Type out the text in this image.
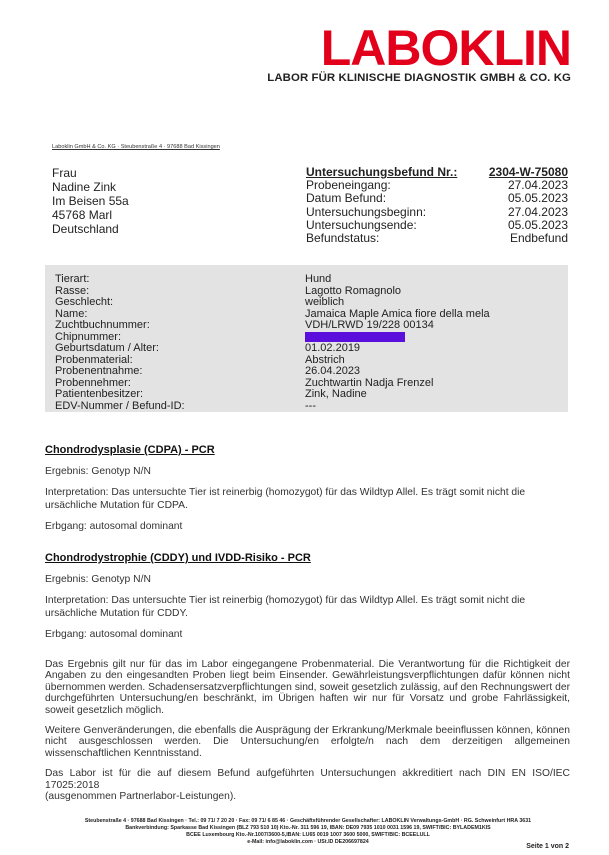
LABOKLIN
LABOR FÜR KLINISCHE DIAGNOSTIK GMBH & CO. KG
Laboklin GmbH & Co. KG · Steubenstraße 4 · 97688 Bad Kissingen
Frau
Nadine Zink
Im Beisen 55a
45768 Marl
Deutschland
Untersuchungsbefund Nr.:	2304-W-75080
Probeneingang:	27.04.2023
Datum Befund:	05.05.2023
Untersuchungsbeginn:	27.04.2023
Untersuchungsende:	05.05.2023
Befundstatus:	Endbefund
Tierart:	Hund
Rasse:	Lagotto Romagnolo
Geschlecht:	weiblich
Name:	Jamaica Maple Amica fiore della mela
Zuchtbuchnummer:	VDH/LRWD 19/228 00134
Chipnummer:
Geburtsdatum / Alter:	01.02.2019
Probenmaterial:	Abstrich
Probenentnahme:	26.04.2023
Probennehmer:	Zuchtwartin Nadja Frenzel
Patientenbesitzer:	Zink, Nadine
EDV-Nummer / Befund-ID:	---
Chondrodysplasie (CDPA) - PCR

Ergebnis: Genotyp N/N

Interpretation: Das untersuchte Tier ist reinerbig (homozygot) für das Wildtyp Allel. Es trägt somit nicht die ursächliche Mutation für CDPA.

Erbgang: autosomal dominant

Chondrodystrophie (CDDY) und IVDD-Risiko - PCR

Ergebnis: Genotyp N/N

Interpretation: Das untersuchte Tier ist reinerbig (homozygot) für das Wildtyp Allel. Es trägt somit nicht die ursächliche Mutation für CDDY.

Erbgang: autosomal dominant

Das Ergebnis gilt nur für das im Labor eingegangene Probenmaterial. Die Verantwortung für die Richtigkeit der Angaben zu den eingesandten Proben liegt beim Einsender. Gewährleistungsverpflichtungen dafür können nicht übernommen werden. Schadensersatzverpflichtungen sind, soweit gesetzlich zulässig, auf den Rechnungswert der durchgeführten Untersuchung/en beschränkt, im Übrigen haften wir nur für Vorsatz und grobe Fahrlässigkeit, soweit gesetzlich möglich.

Weitere Genveränderungen, die ebenfalls die Ausprägung der Erkrankung/Merkmale beeinflussen können, können nicht ausgeschlossen werden. Die Untersuchung/en erfolgte/n nach dem derzeitigen allgemeinen wissenschaftlichen Kenntnisstand.

Das Labor ist für die auf diesem Befund aufgeführten Untersuchungen akkreditiert nach DIN EN ISO/IEC 17025:2018

(ausgenommen Partnerlabor-Leistungen).

Steubenstraße 4 · 97688 Bad Kissingen · Tel.: 09 71/ 7 20 20 · Fax: 09 71/ 6 85 46 · Geschäftsführender Gesellschafter: LABOKLIN Verwaltungs-GmbH · RG. Schweinfurt HRA 3631
Bankverbindung: Sparkasse Bad Kissingen (BLZ 793 510 10) Kto.-Nr. 311 596 19, IBAN: DE09 7935 1010 0031 1596 19, SWIFT/BIC: BYLADEM1KIS
BCEE Luxembourg Kto.-Nr.1007/3600-5,IBAN: LU65 0019 1007 3600 5000, SWIFT/BIC: BCEELULL
e-Mail: info@laboklin.com · USt.ID DE206697824
Seite 1 von 2
